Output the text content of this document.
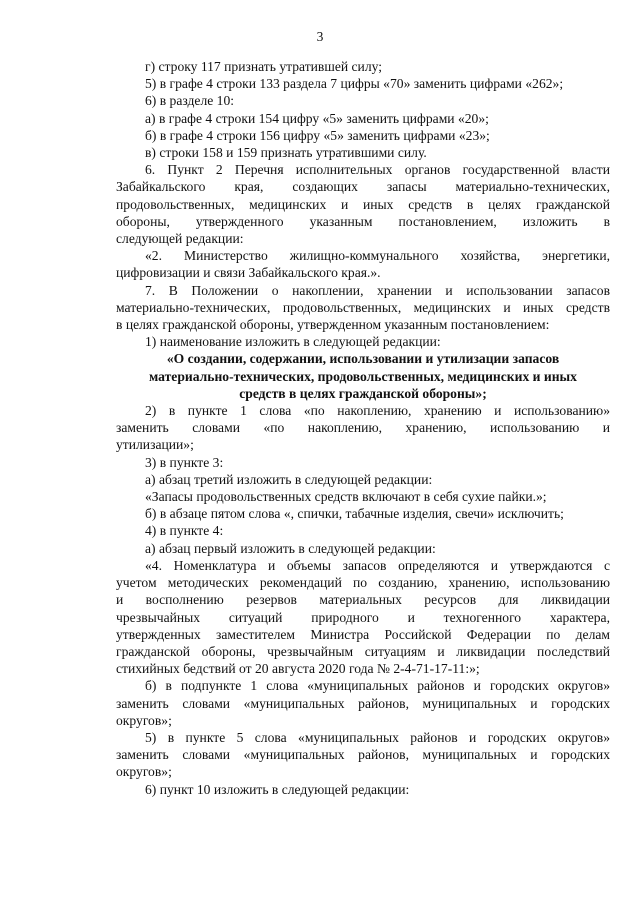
3

г) строку 117 признать утратившей силу;

5) в графе 4 строки 133 раздела 7 цифры «70» заменить цифрами «262»;

6) в разделе 10:

а) в графе 4 строки 154 цифру «5» заменить цифрами «20»;

б) в графе 4 строки 156 цифру «5» заменить цифрами «23»;

в) строки 158 и 159 признать утратившими силу.

6. Пункт 2 Перечня исполнительных органов государственной власти

Забайкальского края, создающих запасы материально-технических,

продовольственных, медицинских и иных средств в целях гражданской

обороны, утвержденного указанным постановлением, изложить в

следующей редакции:

«2. Министерство жилищно-коммунального хозяйства, энергетики,

цифровизации и связи Забайкальского края.».

7. В Положении о накоплении, хранении и использовании запасов

материально-технических, продовольственных, медицинских и иных средств

в целях гражданской обороны, утвержденном указанным постановлением:

1) наименование изложить в следующей редакции:

«О создании, содержании, использовании и утилизации запасов

материально-технических, продовольственных, медицинских и иных

средств в целях гражданской обороны»;

2) в пункте 1 слова «по накоплению, хранению и использованию»

заменить словами «по накоплению, хранению, использованию и

утилизации»;

3) в пункте 3:

а) абзац третий изложить в следующей редакции:

«Запасы продовольственных средств включают в себя сухие пайки.»;

б) в абзаце пятом слова «, спички, табачные изделия, свечи» исключить;

4) в пункте 4:

а) абзац первый изложить в следующей редакции:

«4. Номенклатура и объемы запасов определяются и утверждаются с

учетом методических рекомендаций по созданию, хранению, использованию

и восполнению резервов материальных ресурсов для ликвидации

чрезвычайных ситуаций природного и техногенного характера,

утвержденных заместителем Министра Российской Федерации по делам

гражданской обороны, чрезвычайным ситуациям и ликвидации последствий

стихийных бедствий от 20 августа 2020 года № 2-4-71-17-11:»;

б) в подпункте 1 слова «муниципальных районов и городских округов»

заменить словами «муниципальных районов, муниципальных и городских

округов»;

5) в пункте 5 слова «муниципальных районов и городских округов»

заменить словами «муниципальных районов, муниципальных и городских

округов»;

6) пункт 10 изложить в следующей редакции:
